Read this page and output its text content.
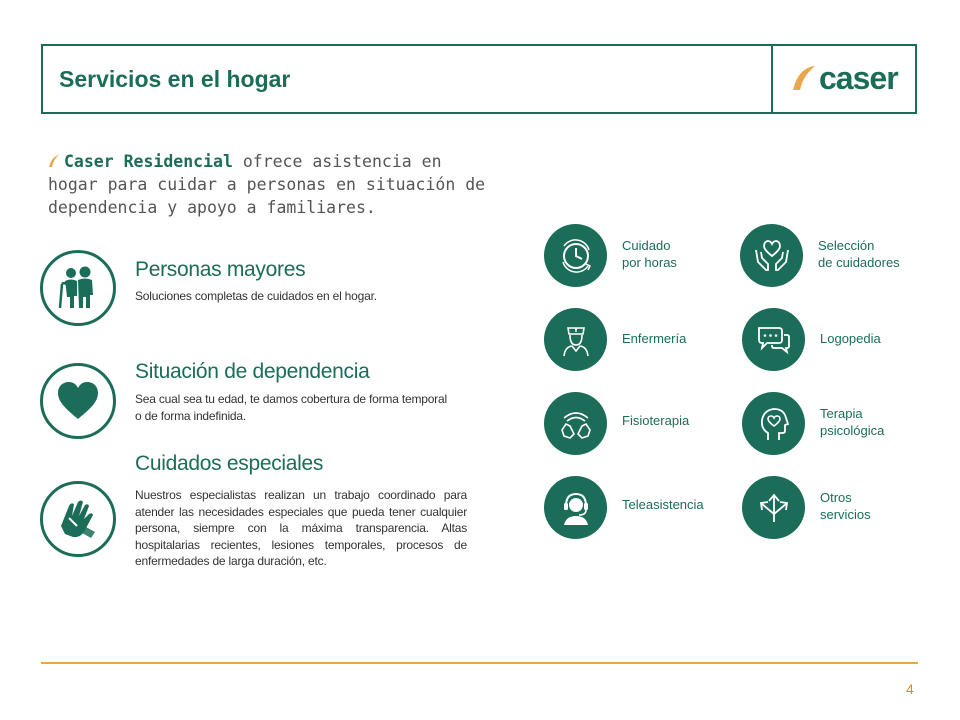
Servicios en el hogar	caser
Caser Residencial ofrece asistencia en
hogar para cuidar a personas en situación de
dependencia y apoyo a familiares.
Personas mayores

Soluciones completas de cuidados en el hogar.

Situación de dependencia
Sea cual sea tu edad, te damos cobertura de forma temporal
o de forma indefinida.
Cuidados especiales

Nuestros especialistas realizan un trabajo coordinado para atender las necesidades especiales que pueda tener cualquier persona, siempre con la máxima transparencia. Altas hospitalarias recientes, lesiones temporales, procesos de enfermedades de larga duración, etc.

Cuidado
por horas
Selección
de cuidadores
Enfermería	Logopedia
Fisioterapia	Terapia
psicológica
Teleasistencia	Otros
servicios
4
